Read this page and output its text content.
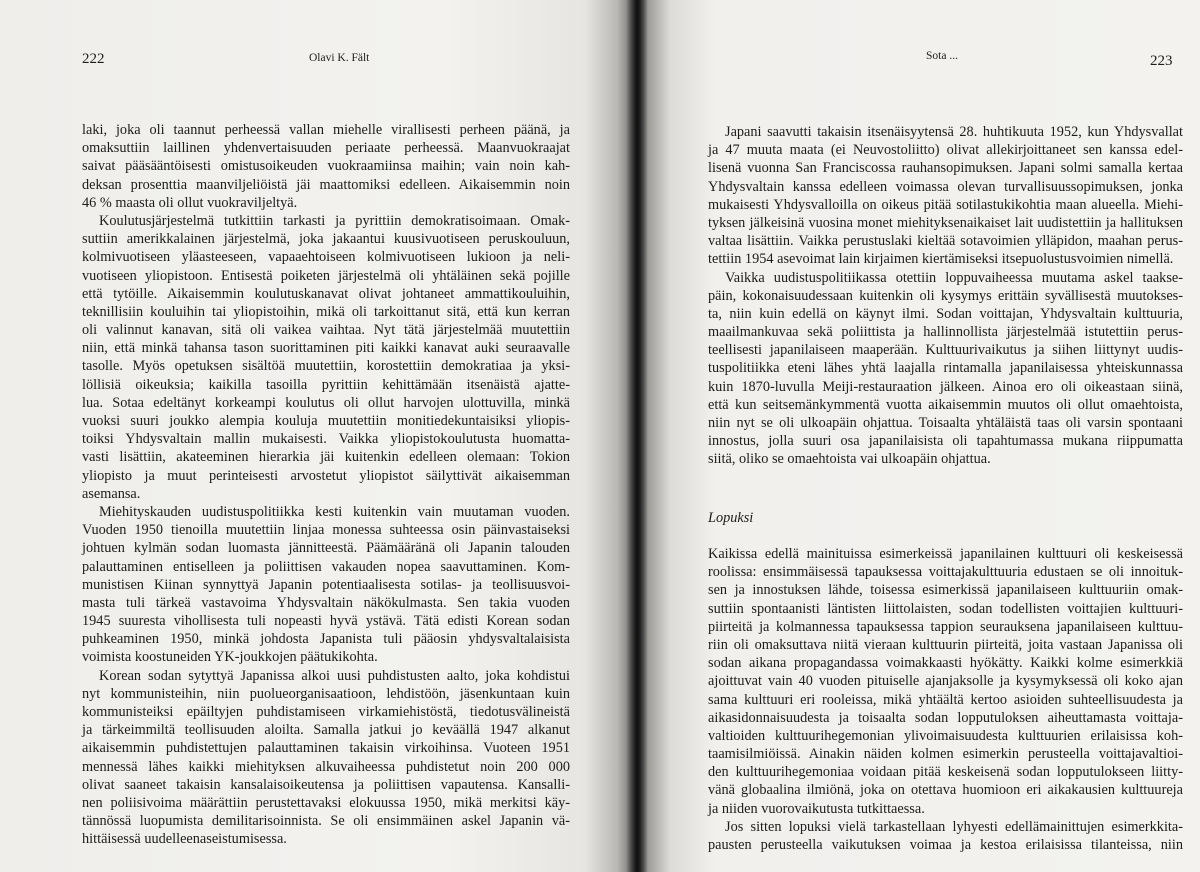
222	Olavi K. Fält
laki, joka oli taannut perheessä vallan miehelle virallisesti perheen päänä, ja
omaksuttiin laillinen yhdenvertaisuuden periaate perheessä. Maanvuokraajat
saivat pääsääntöisesti omistusoikeuden vuokraamiinsa maihin; vain noin kah-
deksan prosenttia maanviljeliöistä jäi maattomiksi edelleen. Aikaisemmin noin
46 % maasta oli ollut vuokraviljeltyä.
Koulutusjärjestelmä tutkittiin tarkasti ja pyrittiin demokratisoimaan. Omak-
suttiin amerikkalainen järjestelmä, joka jakaantui kuusivuotiseen peruskouluun,
kolmivuotiseen yläasteeseen, vapaaehtoiseen kolmivuotiseen lukioon ja neli-
vuotiseen yliopistoon. Entisestä poiketen järjestelmä oli yhtäläinen sekä pojille
että tytöille. Aikaisemmin koulutuskanavat olivat johtaneet ammattikouluihin,
teknillisiin kouluihin tai yliopistoihin, mikä oli tarkoittanut sitä, että kun kerran
oli valinnut kanavan, sitä oli vaikea vaihtaa. Nyt tätä järjestelmää muutettiin
niin, että minkä tahansa tason suorittaminen piti kaikki kanavat auki seuraavalle
tasolle. Myös opetuksen sisältöä muutettiin, korostettiin demokratiaa ja yksi-
löllisiä oikeuksia; kaikilla tasoilla pyrittiin kehittämään itsenäistä ajatte-
lua. Sotaa edeltänyt korkeampi koulutus oli ollut harvojen ulottuvilla, minkä
vuoksi suuri joukko alempia kouluja muutettiin monitiedekuntaisiksi yliopis-
toiksi Yhdysvaltain mallin mukaisesti. Vaikka yliopistokoulutusta huomatta-
vasti lisättiin, akateeminen hierarkia jäi kuitenkin edelleen olemaan: Tokion
yliopisto ja muut perinteisesti arvostetut yliopistot säilyttivät aikaisemman
asemansa.
Miehityskauden uudistuspolitiikka kesti kuitenkin vain muutaman vuoden.
Vuoden 1950 tienoilla muutettiin linjaa monessa suhteessa osin päinvastaiseksi
johtuen kylmän sodan luomasta jännitteestä. Päämääränä oli Japanin talouden
palauttaminen entiselleen ja poliittisen vakauden nopea saavuttaminen. Kom-
munistisen Kiinan synnyttyä Japanin potentiaalisesta sotilas- ja teollisuusvoi-
masta tuli tärkeä vastavoima Yhdysvaltain näkökulmasta. Sen takia vuoden
1945 suuresta vihollisesta tuli nopeasti hyvä ystävä. Tätä edisti Korean sodan
puhkeaminen 1950, minkä johdosta Japanista tuli pääosin yhdysvaltalaisista
voimista koostuneiden YK-joukkojen päätukikohta.
Korean sodan sytyttyä Japanissa alkoi uusi puhdistusten aalto, joka kohdistui
nyt kommunisteihin, niin puolueorganisaatioon, lehdistöön, jäsenkuntaan kuin
kommunisteiksi epäiltyjen puhdistamiseen virkamiehistöstä, tiedotusvälineistä
ja tärkeimmiltä teollisuuden aloilta. Samalla jatkui jo keväällä 1947 alkanut
aikaisemmin puhdistettujen palauttaminen takaisin virkoihinsa. Vuoteen 1951
mennessä lähes kaikki miehityksen alkuvaiheessa puhdistetut noin 200 000
olivat saaneet takaisin kansalaisoikeutensa ja poliittisen vapautensa. Kansalli-
nen poliisivoima määrättiin perustettavaksi elokuussa 1950, mikä merkitsi käy-
tännössä luopumista demilitarisoinnista. Se oli ensimmäinen askel Japanin vä-
hittäisessä uudelleenaseistumisessa.
Sota ...	223
Japani saavutti takaisin itsenäisyytensä 28. huhtikuuta 1952, kun Yhdysvallat
ja 47 muuta maata (ei Neuvostoliitto) olivat allekirjoittaneet sen kanssa edel-
lisenä vuonna San Franciscossa rauhansopimuksen. Japani solmi samalla kertaa
Yhdysvaltain kanssa edelleen voimassa olevan turvallisuussopimuksen, jonka
mukaisesti Yhdysvalloilla on oikeus pitää sotilastukikohtia maan alueella. Miehi-
tyksen jälkeisinä vuosina monet miehityksenaikaiset lait uudistettiin ja hallituksen
valtaa lisättiin. Vaikka perustuslaki kieltää sotavoimien ylläpidon, maahan perus-
tettiin 1954 asevoimat lain kirjaimen kiertämiseksi itsepuolustusvoimien nimellä.
Vaikka uudistuspolitiikassa otettiin loppuvaiheessa muutama askel taakse-
päin, kokonaisuudessaan kuitenkin oli kysymys erittäin syvällisestä muutokses-
ta, niin kuin edellä on käynyt ilmi. Sodan voittajan, Yhdysvaltain kulttuuria,
maailmankuvaa sekä poliittista ja hallinnollista järjestelmää istutettiin perus-
teellisesti japanilaiseen maaperään. Kulttuurivaikutus ja siihen liittynyt uudis-
tuspolitiikka eteni lähes yhtä laajalla rintamalla japanilaisessa yhteiskunnassa
kuin 1870-luvulla Meiji-restauraation jälkeen. Ainoa ero oli oikeastaan siinä,
että kun seitsemänkymmentä vuotta aikaisemmin muutos oli ollut omaehtoista,
niin nyt se oli ulkoapäin ohjattua. Toisaalta yhtäläistä taas oli varsin spontaani
innostus, jolla suuri osa japanilaisista oli tapahtumassa mukana riippumatta
siitä, oliko se omaehtoista vai ulkoapäin ohjattua.
Lopuksi
Kaikissa edellä mainituissa esimerkeissä japanilainen kulttuuri oli keskeisessä
roolissa: ensimmäisessä tapauksessa voittajakulttuuria edustaen se oli innoituk-
sen ja innostuksen lähde, toisessa esimerkissä japanilaiseen kulttuuriin omak-
suttiin spontaanisti läntisten liittolaisten, sodan todellisten voittajien kulttuuri-
piirteitä ja kolmannessa tapauksessa tappion seurauksena japanilaiseen kulttuu-
riin oli omaksuttava niitä vieraan kulttuurin piirteitä, joita vastaan Japanissa oli
sodan aikana propagandassa voimakkaasti hyökätty. Kaikki kolme esimerkkiä
ajoittuvat vain 40 vuoden pituiselle ajanjaksolle ja kysymyksessä oli koko ajan
sama kulttuuri eri rooleissa, mikä yhtäältä kertoo asioiden suhteellisuudesta ja
aikasidonnaisuudesta ja toisaalta sodan lopputuloksen aiheuttamasta voittaja-
valtioiden kulttuurihegemonian ylivoimaisuudesta kulttuurien erilaisissa koh-
taamisilmiöissä. Ainakin näiden kolmen esimerkin perusteella voittajavaltioi-
den kulttuurihegemoniaa voidaan pitää keskeisenä sodan lopputulokseen liitty-
vänä globaalina ilmiönä, joka on otettava huomioon eri aikakausien kulttuureja
ja niiden vuorovaikutusta tutkittaessa.
Jos sitten lopuksi vielä tarkastellaan lyhyesti edellämainittujen esimerkkita-
pausten perusteella vaikutuksen voimaa ja kestoa erilaisissa tilanteissa, niin
